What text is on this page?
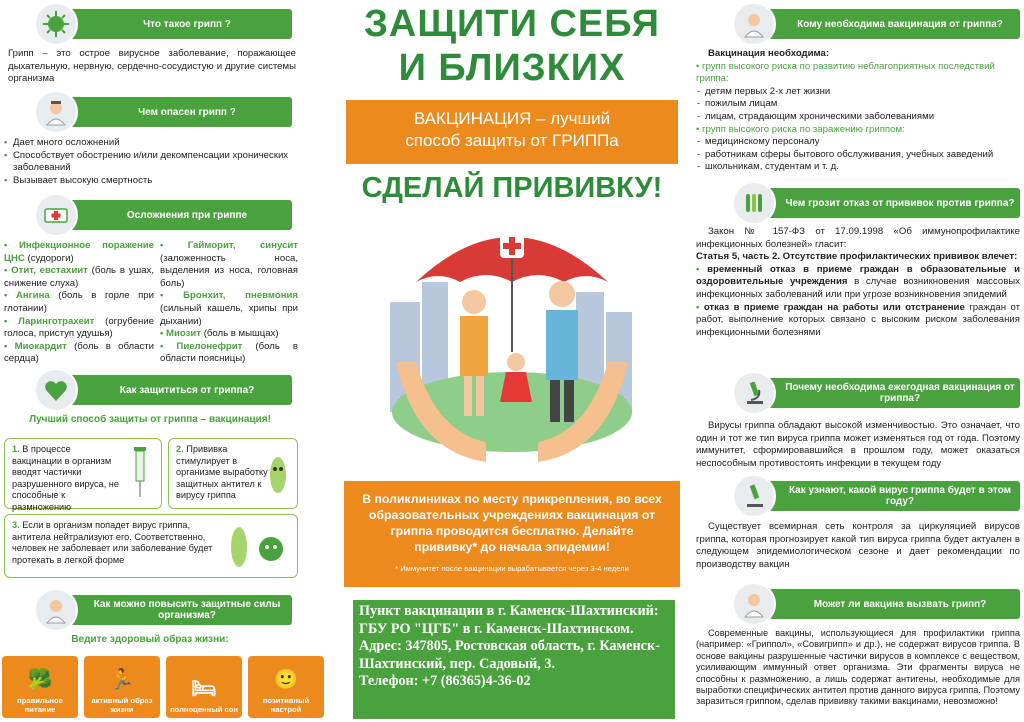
Что такое грипп ?

Грипп – это острое вирусное заболевание, поражающее дыхательную, нервную, сердечно-сосудистую и другие системы организма

Чем опасен грипп ?
• Дает много осложнений
• Способствует обострению и/или декомпенсации хронических заболеваний
• Вызывает высокую смертность
Осложнения при гриппе

• Инфекционное поражение ЦНС (судороги)

• Отит, евстахиит (боль в ушах, снижение слуха)

• Ангина (боль в горле при глотании)

• Ларинготрахеит (огрубение голоса, приступ удушья)

• Миокардит (боль в области сердца)

• Гайморит, синусит (заложенность носа, выделения из носа, головная боль)

• Бронхит, пневмония (сильный кашель, хрипы при дыхании)

• Миозит (боль в мышцах)

• Пиелонефрит (боль в области поясницы)

Как защититься от гриппа?
Лучший способ защиты от гриппа – вакцинация!
1. В процессе вакцинации в организм вводят частички разрушенного вируса, не способные к размножению
2. Прививка стимулирует в организме выработку защитных антител к вирусу гриппа
3. Если в организм попадет вирус гриппа, антитела нейтрализуют его. Соответственно, человек не заболевает или заболевание будет протекать в легкой форме
Как можно повысить защитные силы организма?
Ведите здоровый образ жизни:
🥦
правильное питание
🏃
активный образ жизни
🛏
полноценный сон
🙂
позитивный настрой
ЗАЩИТИ СЕБЯ
И БЛИЗКИХ
ВАКЦИНАЦИЯ – лучший способ защиты от ГРИППа
СДЕЛАЙ ПРИВИВКУ!
В поликлиниках по месту прикрепления, во всех образовательных учреждениях вакцинация от гриппа проводится бесплатно. Делайте прививку* до начала эпидемии!
* Иммунитет после вакцинации вырабатывается через 3-4 недели
Пункт вакцинации в г. Каменск-Шахтинский:
ГБУ РО "ЦГБ" в г. Каменск-Шахтинском.
Адрес: 347805, Ростовская область, г. Каменск-Шахтинский, пер. Садовый, 3.
Телефон: +7 (86365)4-36-02
Кому необходима вакцинация от гриппа?
Вакцинация необходима:
• групп высокого риска по развитию неблагоприятных последствий гриппа:
- детям первых 2-х лет жизни
- пожилым лицам
- лицам, страдающим хроническими заболеваниями
• групп высокого риска по заражению гриппом:
- медицинскому персоналу
- работникам сферы бытового обслуживания, учебных заведений
- школьникам, студентам и т. д.
Чем грозит отказ от прививок против гриппа?

Закон № 157-ФЗ от 17.09.1998 «Об иммунопрофилактике инфекционных болезней» гласит:

Статья 5, часть 2. Отсутствие профилактических прививок влечет:

• временный отказ в приеме граждан в образовательные и оздоровительные учреждения в случае возникновения массовых инфекционных заболеваний или при угрозе возникновения эпидемий

• отказ в приеме граждан на работы или отстранение граждан от работ, выполнение которых связано с высоким риском заболевания инфекционными болезнями

Почему необходима ежегодная вакцинация от гриппа?

Вирусы гриппа обладают высокой изменчивостью. Это означает, что один и тот же тип вируса гриппа может изменяться год от года. Поэтому иммунитет, сформировавшийся в прошлом году, может оказаться неспособным противостоять инфекции в текущем году

Как узнают, какой вирус гриппа будет в этом году?

Существует всемирная сеть контроля за циркуляцией вирусов гриппа, которая прогнозирует какой тип вируса гриппа будет актуален в следующем эпидемиологическом сезоне и дает рекомендации по производству вакцин

Может ли вакцина вызвать грипп?

Современные вакцины, использующиеся для профилактики гриппа (например: «Гриппол», «Совигрипп» и др.), не содержат вирусов гриппа. В основе вакцины разрушенные частички вирусов в комплексе с веществом, усиливающим иммунный ответ организма. Эти фрагменты вируса не способны к размножению, а лишь содержат антигены, необходимые для выработки специфических антител против данного вируса гриппа. Поэтому заразиться гриппом, сделав прививку такими вакцинами, невозможно!
